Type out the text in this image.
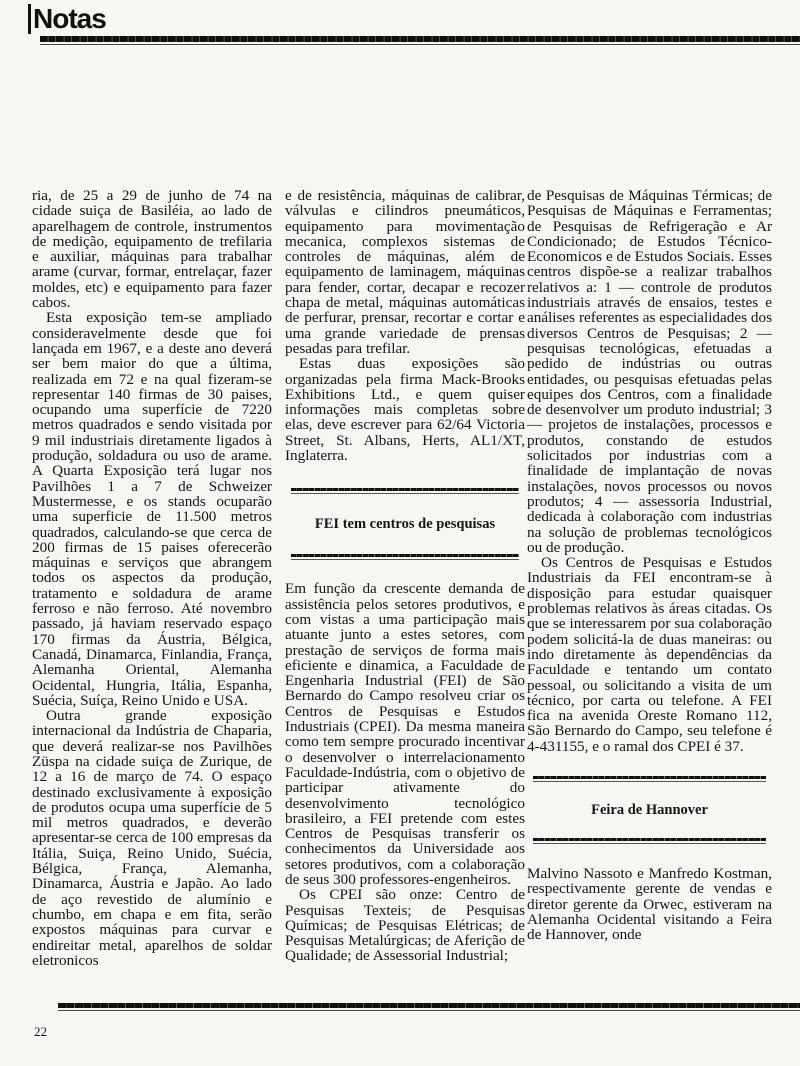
Notas

ria, de 25 a 29 de junho de 74 na cidade suiça de Basiléia, ao lado de aparelhagem de controle, instrumentos de medição, equipamento de trefilaria e auxiliar, máquinas para trabalhar arame (curvar, formar, entrelaçar, fazer moldes, etc) e equipamento para fazer cabos.

Esta exposição tem-se ampliado consideravelmente desde que foi lançada em 1967, e a deste ano deverá ser bem maior do que a última, realizada em 72 e na qual fizeram-se representar 140 firmas de 30 paises, ocupando uma superfície de 7220 metros quadrados e sendo visitada por 9 mil industriais diretamente ligados à produção, soldadura ou uso de arame. A Quarta Exposição terá lugar nos Pavilhões 1 a 7 de Schweizer Mustermesse, e os stands ocuparão uma superficie de 11.500 metros quadrados, calculando-se que cerca de 200 firmas de 15 paises oferecerão máquinas e serviços que abrangem todos os aspectos da produção, tratamento e soldadura de arame ferroso e não ferroso. Até novembro passado, já haviam reservado espaço 170 firmas da Áustria, Bélgica, Canadá, Dinamarca, Finlandia, França, Alemanha Oriental, Alemanha Ocidental, Hungria, Itália, Espanha, Suécia, Suíça, Reino Unido e USA.

Outra grande exposição internacional da Indústria de Chaparia, que deverá realizar-se nos Pavilhões Züspa na cidade suiça de Zurique, de 12 a 16 de março de 74. O espaço destinado exclusivamente à exposição de produtos ocupa uma superfície de 5 mil metros quadrados, e deverão apresentar-se cerca de 100 empresas da Itália, Suiça, Reino Unido, Suécia, Bélgica, França, Alemanha, Dinamarca, Áustria e Japão. Ao lado de aço revestido de alumínio e chumbo, em chapa e em fita, serão expostos máquinas para curvar e endireitar metal, aparelhos de soldar eletronicos

e de resistência, máquinas de calibrar, válvulas e cilindros pneumáticos, equipamento para movimentação mecanica, complexos sistemas de controles de máquinas, além de equipamento de laminagem, máquinas para fender, cortar, decapar e recozer chapa de metal, máquinas automáticas de perfurar, prensar, recortar e cortar e uma grande variedade de prensas pesadas para trefilar.

Estas duas exposições são organizadas pela firma Mack-Brooks Exhibitions Ltd., e quem quiser informações mais completas sobre elas, deve escrever para 62/64 Victoria Street, St. Albans, Herts, AL1/XT, Inglaterra.

FEI tem centros de pesquisas

Em função da crescente demanda de assistência pelos setores produtivos, e com vistas a uma participação mais atuante junto a estes setores, com prestação de serviços de forma mais eficiente e dinamica, a Faculdade de Engenharia Industrial (FEI) de São Bernardo do Campo resolveu criar os Centros de Pesquisas e Estudos Industriais (CPEI). Da mesma maneira como tem sempre procurado incentivar o desenvolver o interrelacionamento Faculdade-Indústria, com o objetivo de participar ativamente do desenvolvimento tecnológico brasileiro, a FEI pretende com estes Centros de Pesquisas transferir os conhecimentos da Universidade aos setores produtivos, com a colaboração de seus 300 professores-engenheiros.

Os CPEI são onze: Centro de Pesquisas Texteis; de Pesquisas Químicas; de Pesquisas Elétricas; de Pesquisas Metalúrgicas; de Aferição de Qualidade; de Assessorial Industrial;

de Pesquisas de Máquinas Térmicas; de Pesquisas de Máquinas e Ferramentas; de Pesquisas de Refrigeração e Ar Condicionado; de Estudos Técnico-Economicos e de Estudos Sociais. Esses centros dispõe-se a realizar trabalhos relativos a: 1 — controle de produtos industriais através de ensaios, testes e análises referentes as especialidades dos diversos Centros de Pesquisas; 2 — pesquisas tecnológicas, efetuadas a pedido de indústrias ou outras entidades, ou pesquisas efetuadas pelas equipes dos Centros, com a finalidade de desenvolver um produto industrial; 3 — projetos de instalações, processos e produtos, constando de estudos solicitados por industrias com a finalidade de implantação de novas instalações, novos processos ou novos produtos; 4 — assessoria Industrial, dedicada à colaboração com industrias na solução de problemas tecnológicos ou de produção.

Os Centros de Pesquisas e Estudos Industriais da FEI encontram-se à disposição para estudar quaisquer problemas relativos às áreas citadas. Os que se interessarem por sua colaboração podem solicitá-la de duas maneiras: ou indo diretamente às dependências da Faculdade e tentando um contato pessoal, ou solicitando a visita de um técnico, por carta ou telefone. A FEI fica na avenida Oreste Romano 112, São Bernardo do Campo, seu telefone é 4-431155, e o ramal dos CPEI é 37.

Feira de Hannover

Malvino Nassoto e Manfredo Kostman, respectivamente gerente de vendas e diretor gerente da Orwec, estiveram na Alemanha Ocidental visitando a Feira de Hannover, onde

22
